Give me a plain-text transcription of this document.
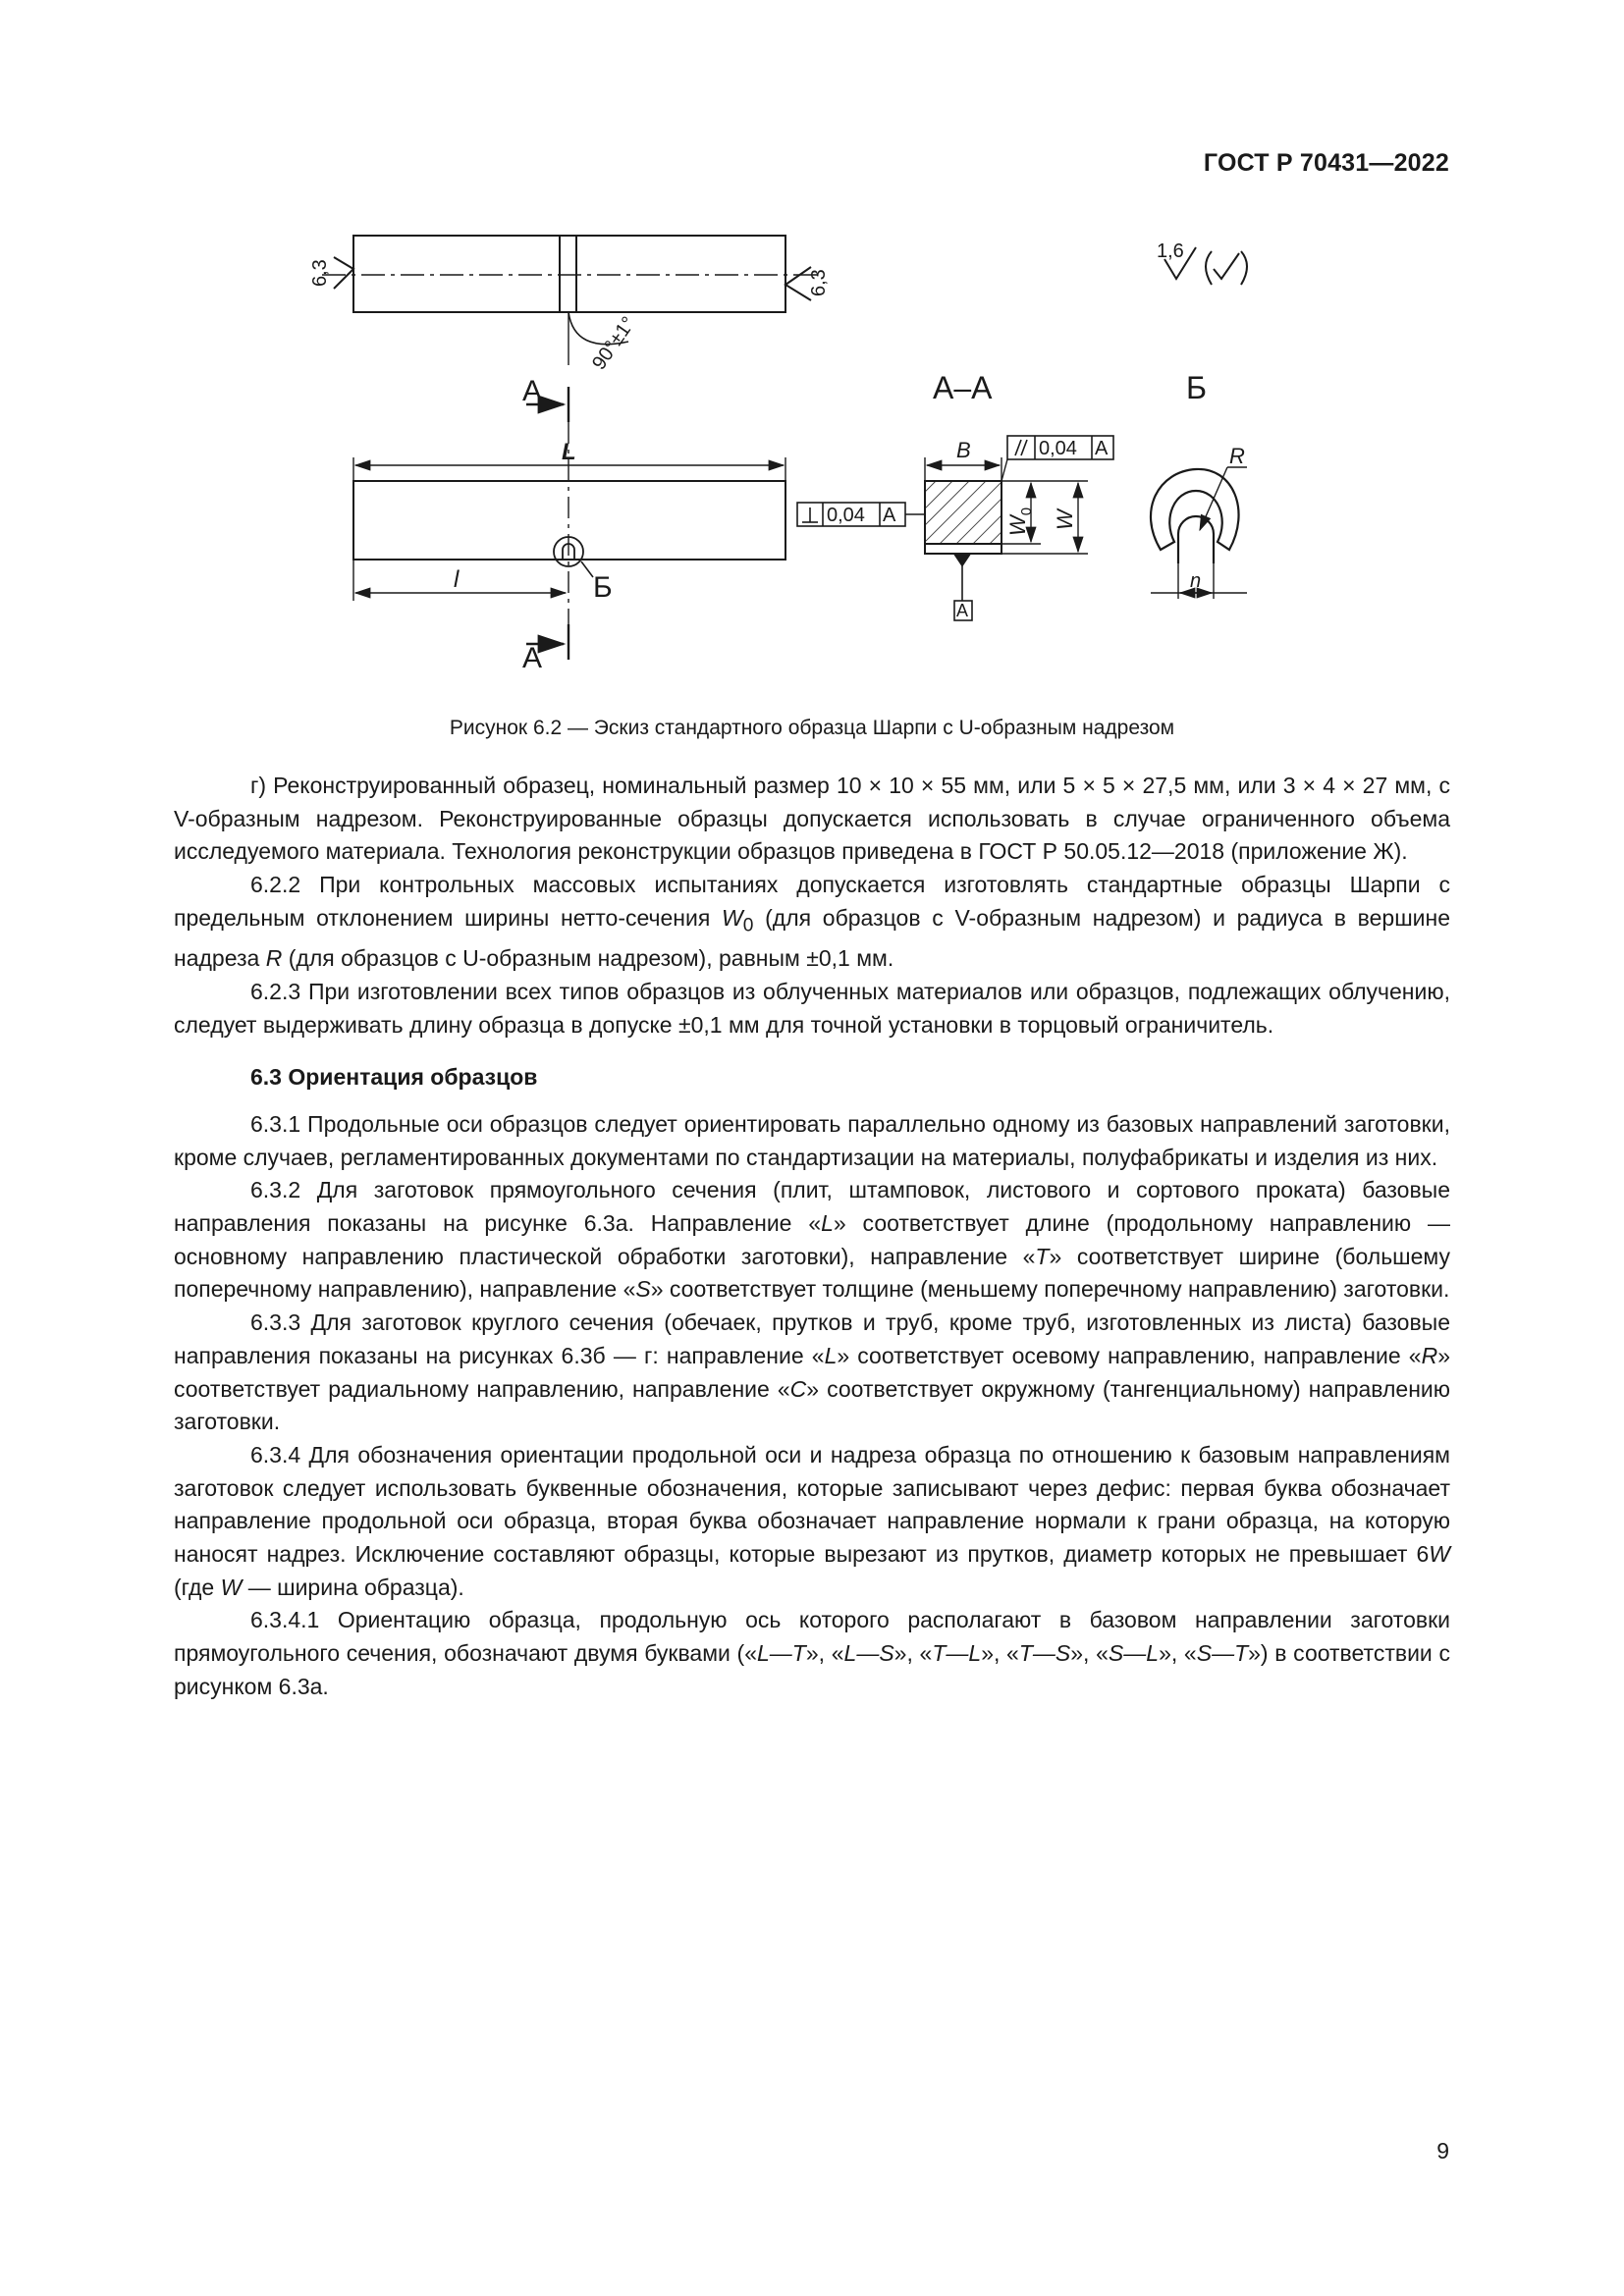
ГОСТ Р 70431—2022
6,3	6,3
90°±1°
1,6
А
А
L
l	Б
А–А
B	0,04 А
0,04 А
А
$W_0$ W
Б
R
n
Рисунок 6.2 — Эскиз стандартного образца Шарпи с U-образным надрезом

г) Реконструированный образец, номинальный размер 10 × 10 × 55 мм, или 5 × 5 × 27,5 мм, или 3 × 4 × 27 мм, с V-образным надрезом. Реконструированные образцы допускается использовать в случае ограниченного объема исследуемого материала. Технология реконструкции образцов приведена в ГОСТ Р 50.05.12—2018 (приложение Ж).

6.2.2 При контрольных массовых испытаниях допускается изготовлять стандартные образцы Шарпи с предельным отклонением ширины нетто-сечения $W_0$ (для образцов с V-образным надрезом) и радиуса в вершине надреза R (для образцов с U-образным надрезом), равным ±0,1 мм.

6.2.3 При изготовлении всех типов образцов из облученных материалов или образцов, подлежащих облучению, следует выдерживать длину образца в допуске ±0,1 мм для точной установки в торцовый ограничитель.

6.3 Ориентация образцов

6.3.1 Продольные оси образцов следует ориентировать параллельно одному из базовых направлений заготовки, кроме случаев, регламентированных документами по стандартизации на материалы, полуфабрикаты и изделия из них.

6.3.2 Для заготовок прямоугольного сечения (плит, штамповок, листового и сортового проката) базовые направления показаны на рисунке 6.3а. Направление «L» соответствует длине (продольному направлению — основному направлению пластической обработки заготовки), направление «T» соответствует ширине (большему поперечному направлению), направление «S» соответствует толщине (меньшему поперечному направлению) заготовки.

6.3.3 Для заготовок круглого сечения (обечаек, прутков и труб, кроме труб, изготовленных из листа) базовые направления показаны на рисунках 6.3б — г: направление «L» соответствует осевому направлению, направление «R» соответствует радиальному направлению, направление «C» соответствует окружному (тангенциальному) направлению заготовки.

6.3.4 Для обозначения ориентации продольной оси и надреза образца по отношению к базовым направлениям заготовок следует использовать буквенные обозначения, которые записывают через дефис: первая буква обозначает направление продольной оси образца, вторая буква обозначает направление нормали к грани образца, на которую наносят надрез. Исключение составляют образцы, которые вырезают из прутков, диаметр которых не превышает 6W (где W — ширина образца).

6.3.4.1 Ориентацию образца, продольную ось которого располагают в базовом направлении заготовки прямоугольного сечения, обозначают двумя буквами («L—T», «L—S», «T—L», «T—S», «S—L», «S—T») в соответствии с рисунком 6.3а.

9
